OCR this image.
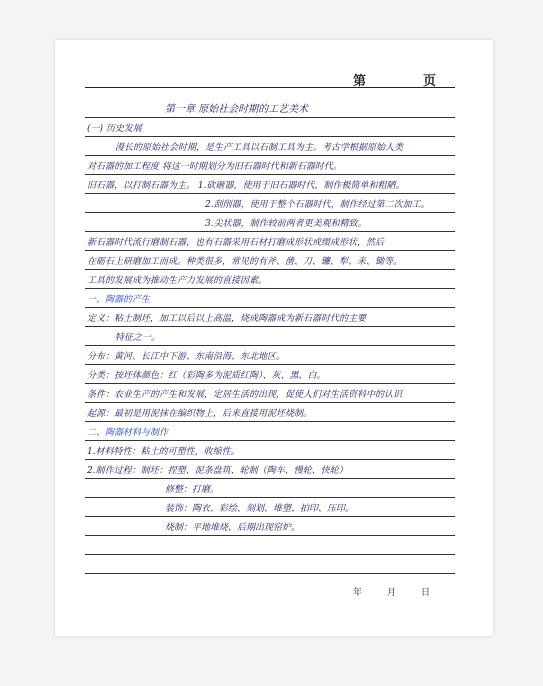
第	页
第一章 原始社会时期的工艺美术
(一) 历史发展
漫长的原始社会时期，是生产工具以石制工具为主。考古学根据原始人类
对石器的加工程度 将这一时期划分为旧石器时代和新石器时代。
旧石器，以打制石器为主。 1.砍砸器，使用于旧石器时代，制作极简单和粗陋。
2.刮削器，使用于整个石器时代，制作经过第二次加工。
3.尖状器，制作较前两者更美观和精致。
新石器时代流行磨制石器，也有石器采用石材打磨成形状或缀成形状，然后
在砺石上研磨加工而成。种类很多，常见的有斧、凿、刀、镰、犁、耒、锄等。
工具的发展成为推动生产力发展的直接因素。
一、陶器的产生
定义：粘土制坯，加工以后以上高温，烧成陶器成为新石器时代的主要
特征之一。
分布：黄河、长江中下游、东南沿海、东北地区。
分类：按坯体颜色：红（彩陶多为泥质红陶）、灰、黑、白。
条件：农业生产的产生和发展，定居生活的出现，促使人们对生活资料中的认识
起源：最初是用泥抹在编织物上，后来直接用泥坯烧制。
二、陶器材料与制作
1.材料特性：粘土的可塑性，收缩性。
2.制作过程：制坯：捏塑、泥条盘筑、轮制（陶车、慢轮、快轮）
修整：打磨。
装饰：陶衣、彩绘、刻划、堆塑、拍印、压印。
烧制：平地堆烧、后期出现窑炉。
年	月	日
